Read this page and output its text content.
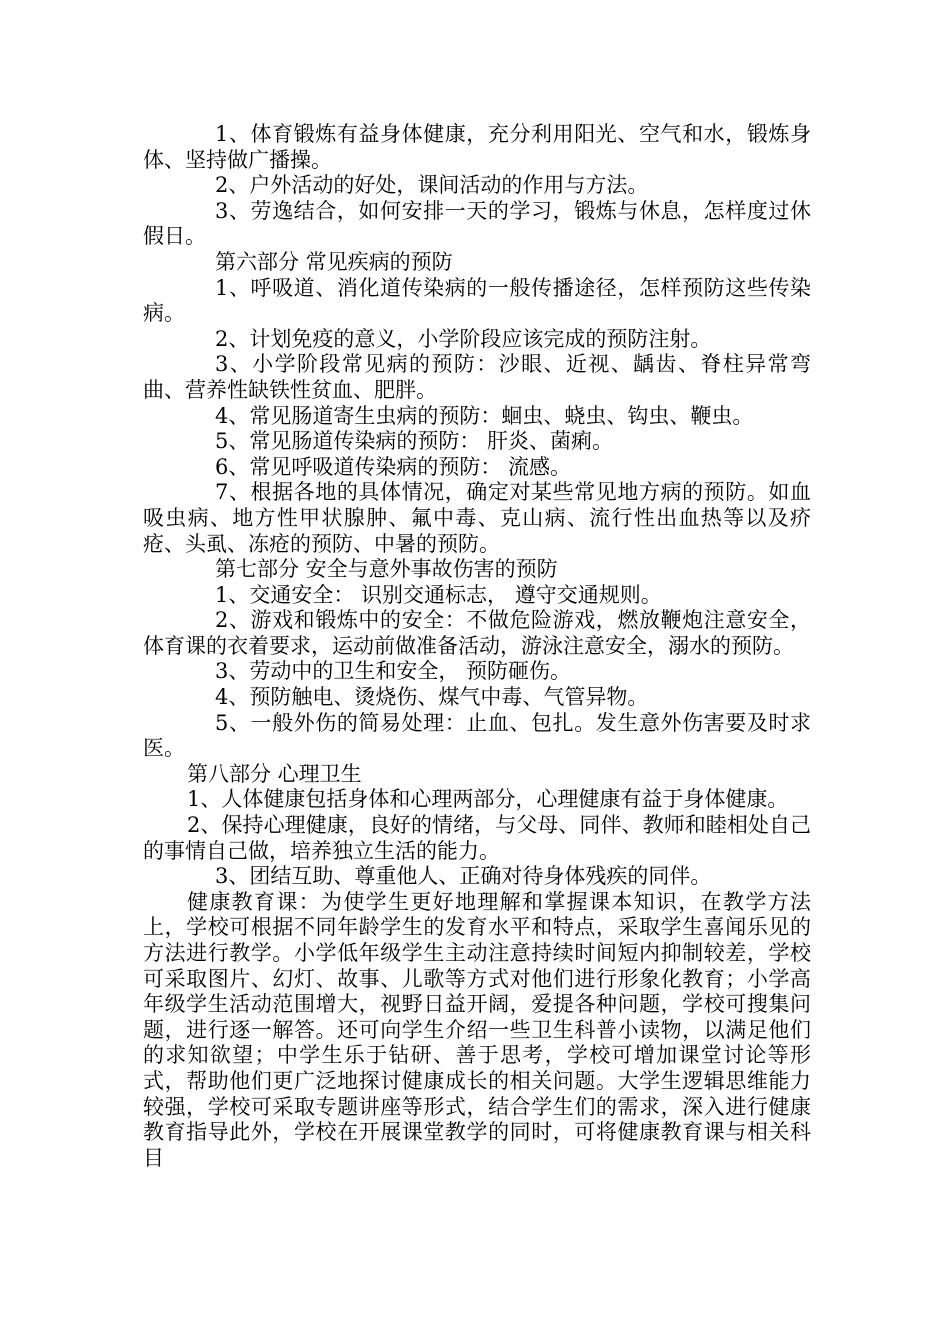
1、体育锻炼有益身体健康，充分利用阳光、空气和水，锻炼身体、坚持做广播操。

2、户外活动的好处，课间活动的作用与方法。

3、劳逸结合，如何安排一天的学习，锻炼与休息，怎样度过休假日。

第六部分 常见疾病的预防

1、呼吸道、消化道传染病的一般传播途径，怎样预防这些传染病。

2、计划免疫的意义，小学阶段应该完成的预防注射。

3、小学阶段常见病的预防：沙眼、近视、龋齿、脊柱异常弯曲、营养性缺铁性贫血、肥胖。

4、常见肠道寄生虫病的预防：蛔虫、蛲虫、钩虫、鞭虫。

5、常见肠道传染病的预防： 肝炎、菌痢。

6、常见呼吸道传染病的预防： 流感。

7、根据各地的具体情况，确定对某些常见地方病的预防。如血吸虫病、地方性甲状腺肿、氟中毒、克山病、流行性出血热等以及疥疮、头虱、冻疮的预防、中暑的预防。

第七部分 安全与意外事故伤害的预防

1、交通安全： 识别交通标志， 遵守交通规则。

2、游戏和锻炼中的安全：不做危险游戏，燃放鞭炮注意安全，体育课的衣着要求，运动前做准备活动，游泳注意安全，溺水的预防。

3、劳动中的卫生和安全， 预防砸伤。

4、预防触电、烫烧伤、煤气中毒、气管异物。

5、一般外伤的简易处理：止血、包扎。发生意外伤害要及时求医。

第八部分 心理卫生

1、人体健康包括身体和心理两部分，心理健康有益于身体健康。

2、保持心理健康，良好的情绪，与父母、同伴、教师和睦相处自己的事情自己做，培养独立生活的能力。

3、团结互助、尊重他人、正确对待身体残疾的同伴。

健康教育课：为使学生更好地理解和掌握课本知识，在教学方法上，学校可根据不同年龄学生的发育水平和特点，采取学生喜闻乐见的方法进行教学。小学低年级学生主动注意持续时间短内抑制较差，学校可采取图片、幻灯、故事、儿歌等方式对他们进行形象化教育；小学高年级学生活动范围增大，视野日益开阔，爱提各种问题，学校可搜集问题，进行逐一解答。还可向学生介绍一些卫生科普小读物，以满足他们的求知欲望；中学生乐于钻研、善于思考，学校可增加课堂讨论等形式，帮助他们更广泛地探讨健康成长的相关问题。大学生逻辑思维能力较强，学校可采取专题讲座等形式，结合学生们的需求，深入进行健康教育指导此外，学校在开展课堂教学的同时，可将健康教育课与相关科目
